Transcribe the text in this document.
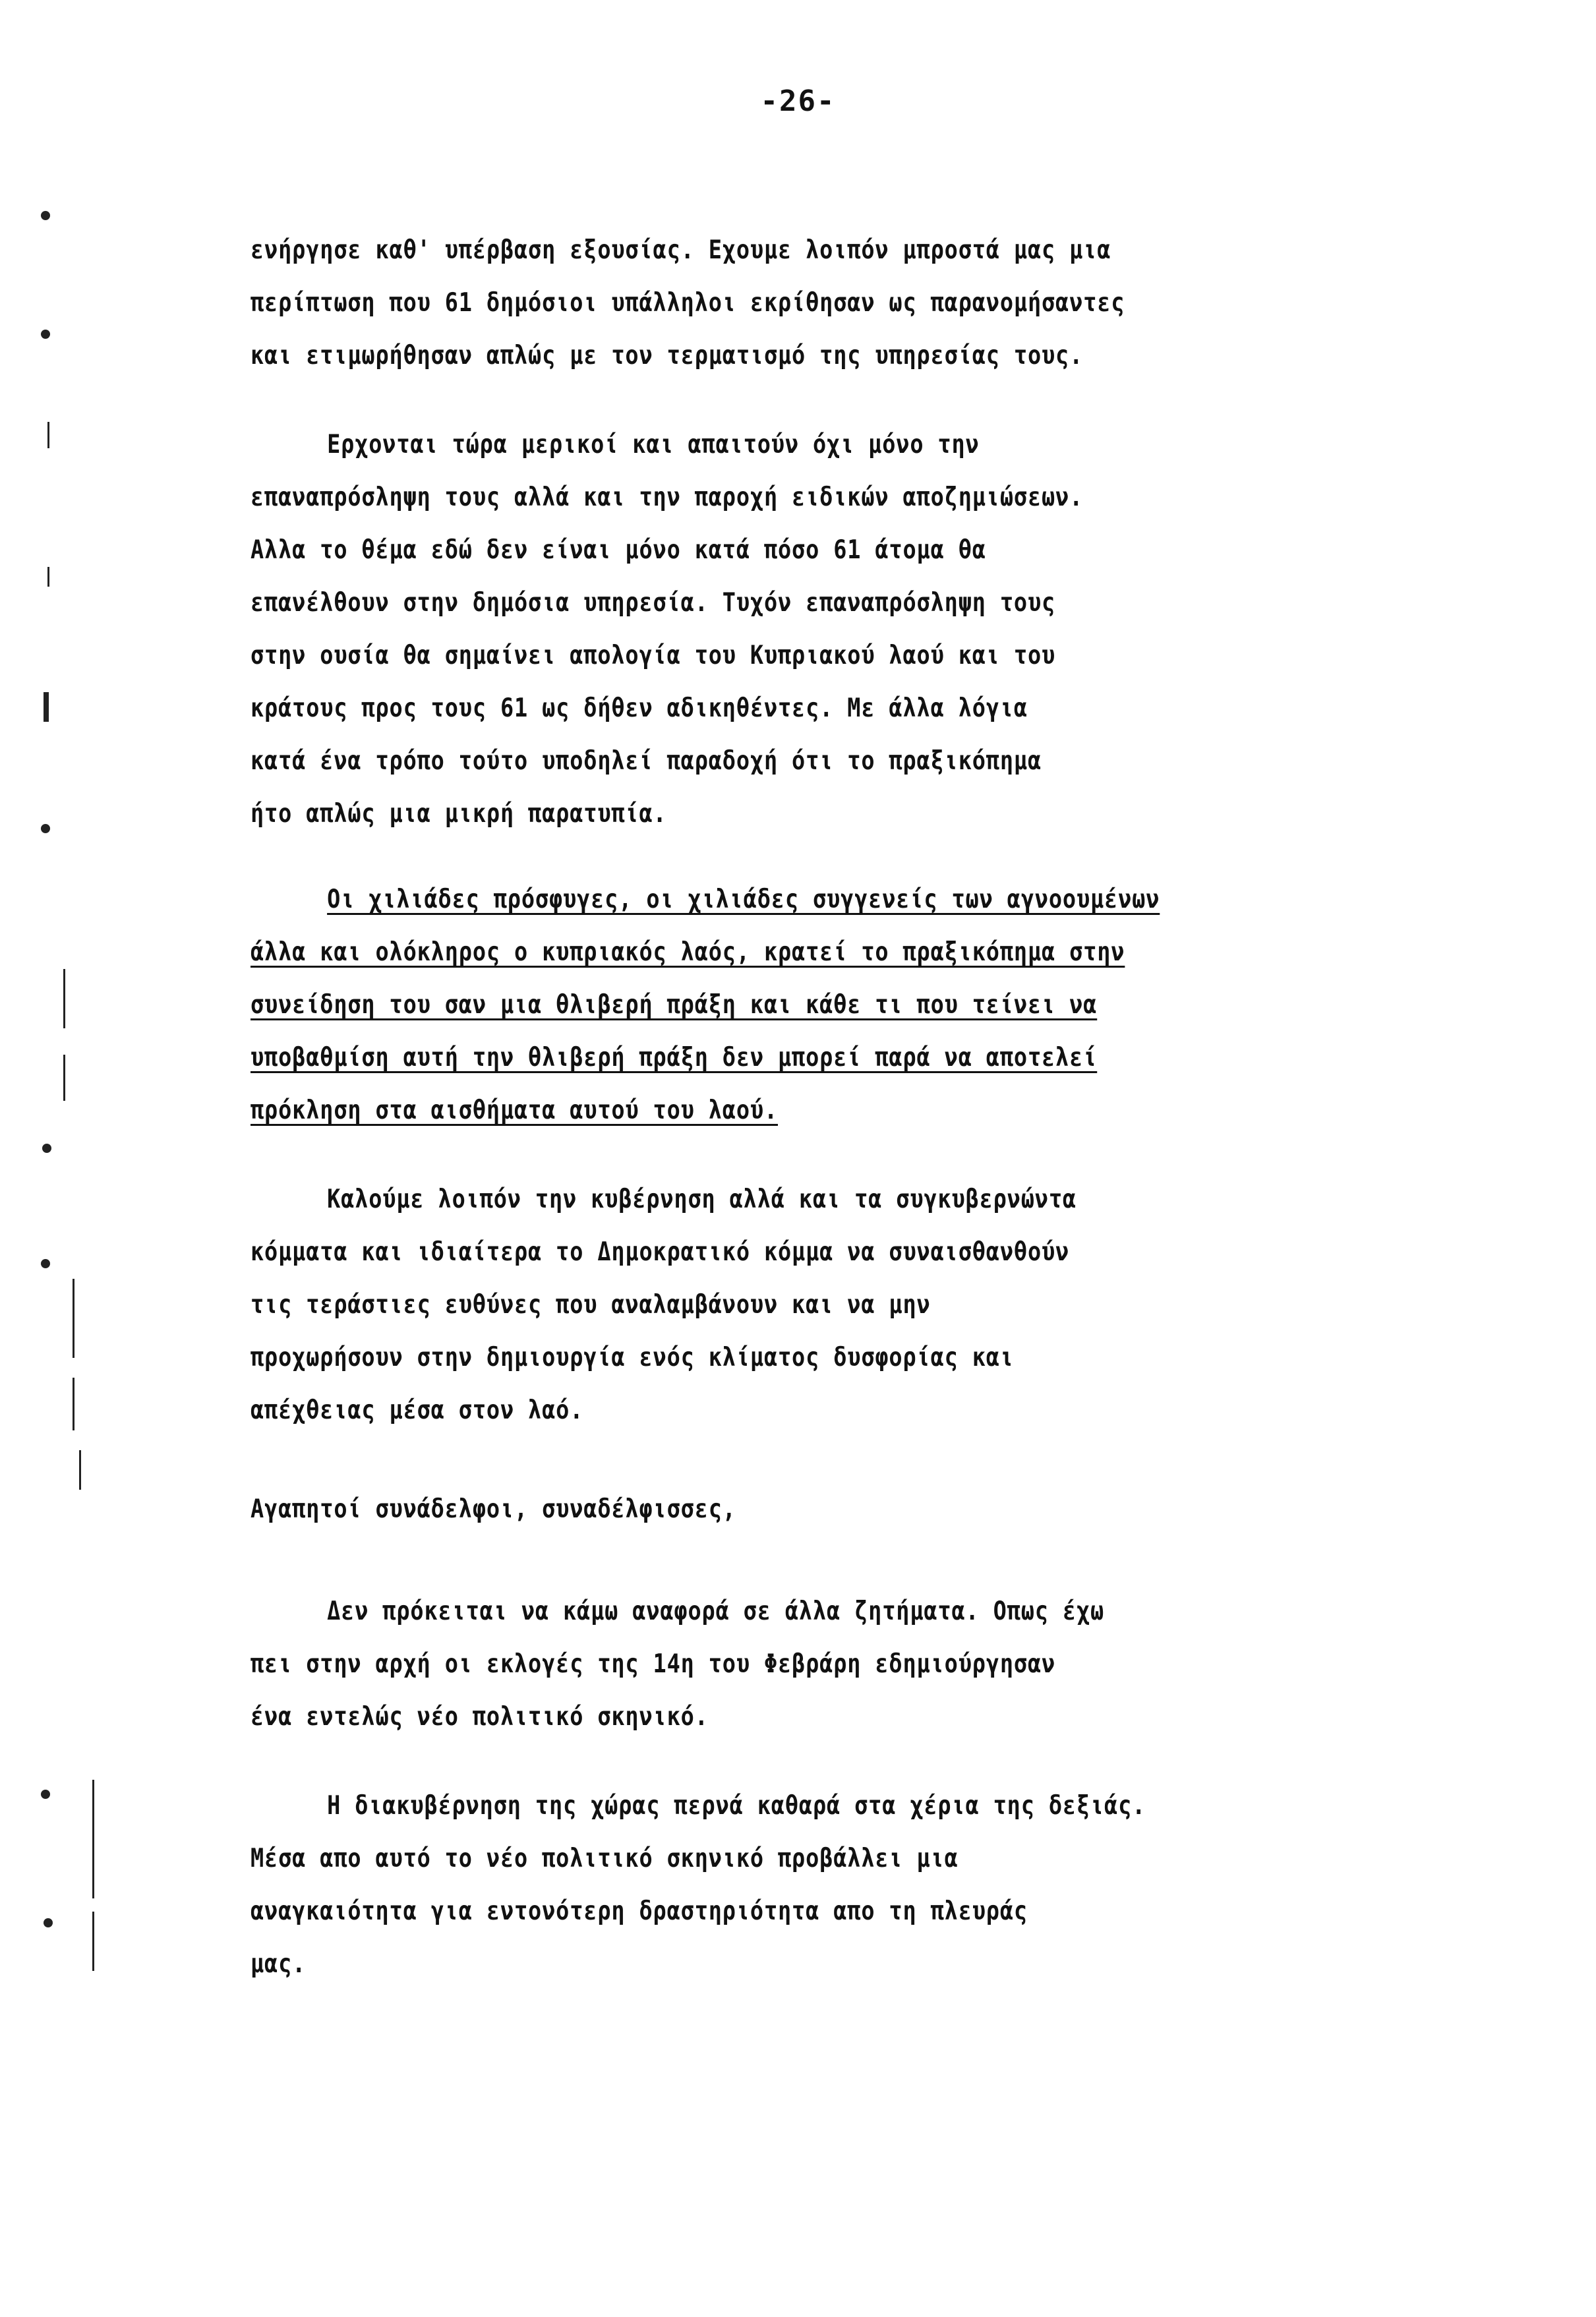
-26-
ενήργησε καθ' υπέρβαση εξουσίας. Εχουμε λοιπόν μπροστά μας μια
περίπτωση που 61 δημόσιοι υπάλληλοι εκρίθησαν ως παρανομήσαντες
και ετιμωρήθησαν απλώς με τον τερματισμό της υπηρεσίας τους.
Ερχονται τώρα μερικοί και απαιτούν όχι μόνο την
επαναπρόσληψη τους αλλά και την παροχή ειδικών αποζημιώσεων.
Αλλα το θέμα εδώ δεν είναι μόνο κατά πόσο 61 άτομα θα
επανέλθουν στην δημόσια υπηρεσία. Τυχόν επαναπρόσληψη τους
στην ουσία θα σημαίνει απολογία του Κυπριακού λαού και του
κράτους προς τους 61 ως δήθεν αδικηθέντες. Με άλλα λόγια
κατά ένα τρόπο τούτο υποδηλεί παραδοχή ότι το πραξικόπημα
ήτο απλώς μια μικρή παρατυπία.
Οι χιλιάδες πρόσφυγες, οι χιλιάδες συγγενείς των αγνοουμένων
άλλα και ολόκληρος ο κυπριακός λαός, κρατεί το πραξικόπημα στην
συνείδηση του σαν μια θλιβερή πράξη και κάθε τι που τείνει να
υποβαθμίση αυτή την θλιβερή πράξη δεν μπορεί παρά να αποτελεί
πρόκληση στα αισθήματα αυτού του λαού.
Καλούμε λοιπόν την κυβέρνηση αλλά και τα συγκυβερνώντα
κόμματα και ιδιαίτερα το Δημοκρατικό κόμμα να συναισθανθούν
τις τεράστιες ευθύνες που αναλαμβάνουν και να μην
προχωρήσουν στην δημιουργία ενός κλίματος δυσφορίας και
απέχθειας μέσα στον λαό.
Αγαπητοί συνάδελφοι, συναδέλφισσες,
Δεν πρόκειται να κάμω αναφορά σε άλλα ζητήματα. Οπως έχω
πει στην αρχή οι εκλογές της 14η του Φεβράρη εδημιούργησαν
ένα εντελώς νέο πολιτικό σκηνικό.
Η διακυβέρνηση της χώρας περνά καθαρά στα χέρια της δεξιάς.
Μέσα απο αυτό το νέο πολιτικό σκηνικό προβάλλει μια
αναγκαιότητα για εντονότερη δραστηριότητα απο τη πλευράς
μας.
